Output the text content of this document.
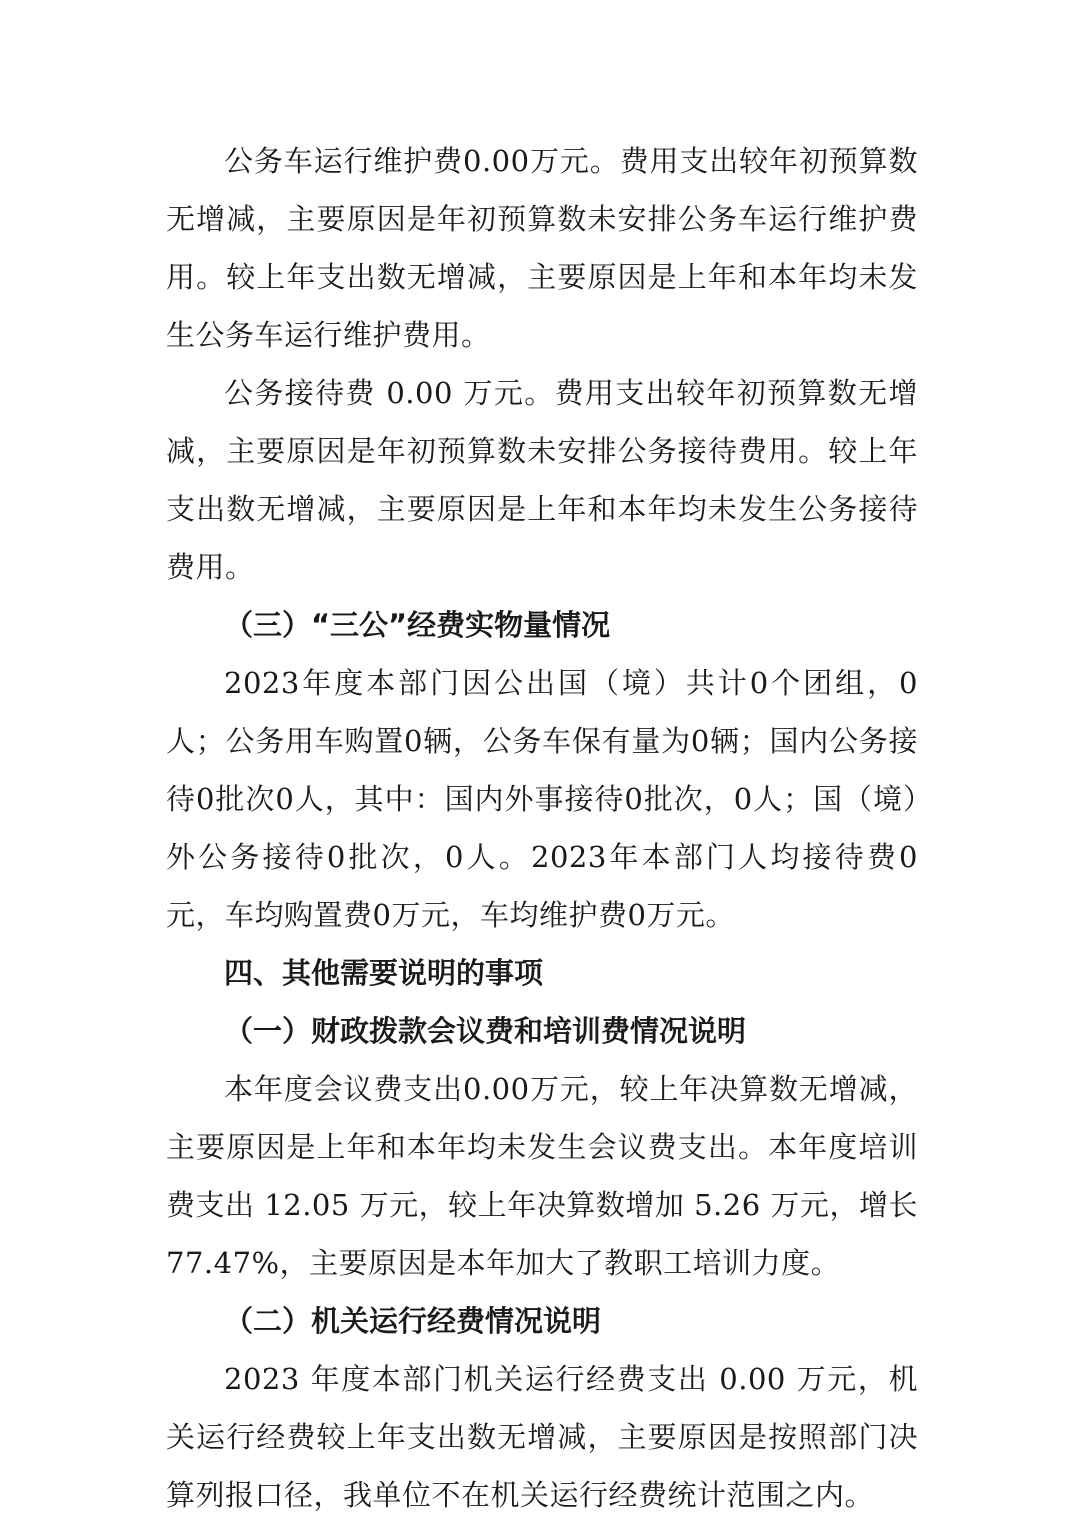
公务车运行维护费0.00万元。费用支出较年初预算数无增减，主要原因是年初预算数未安排公务车运行维护费用。较上年支出数无增减，主要原因是上年和本年均未发生公务车运行维护费用。

公务接待费 0.00 万元。费用支出较年初预算数无增减，主要原因是年初预算数未安排公务接待费用。较上年支出数无增减，主要原因是上年和本年均未发生公务接待费用。

（三）“三公”经费实物量情况

2023年度本部门因公出国（境）共计0个团组，0人；公务用车购置0辆，公务车保有量为0辆；国内公务接待0批次0人，其中：国内外事接待0批次，0人；国（境）外公务接待0批次，0人。2023年本部门人均接待费0元，车均购置费0万元，车均维护费0万元。

四、其他需要说明的事项

（一）财政拨款会议费和培训费情况说明

本年度会议费支出0.00万元，较上年决算数无增减，主要原因是上年和本年均未发生会议费支出。本年度培训费支出 12.05 万元，较上年决算数增加 5.26 万元，增长 77.47%，主要原因是本年加大了教职工培训力度。

（二）机关运行经费情况说明

2023 年度本部门机关运行经费支出 0.00 万元，机关运行经费较上年支出数无增减，主要原因是按照部门决算列报口径，我单位不在机关运行经费统计范围之内。
